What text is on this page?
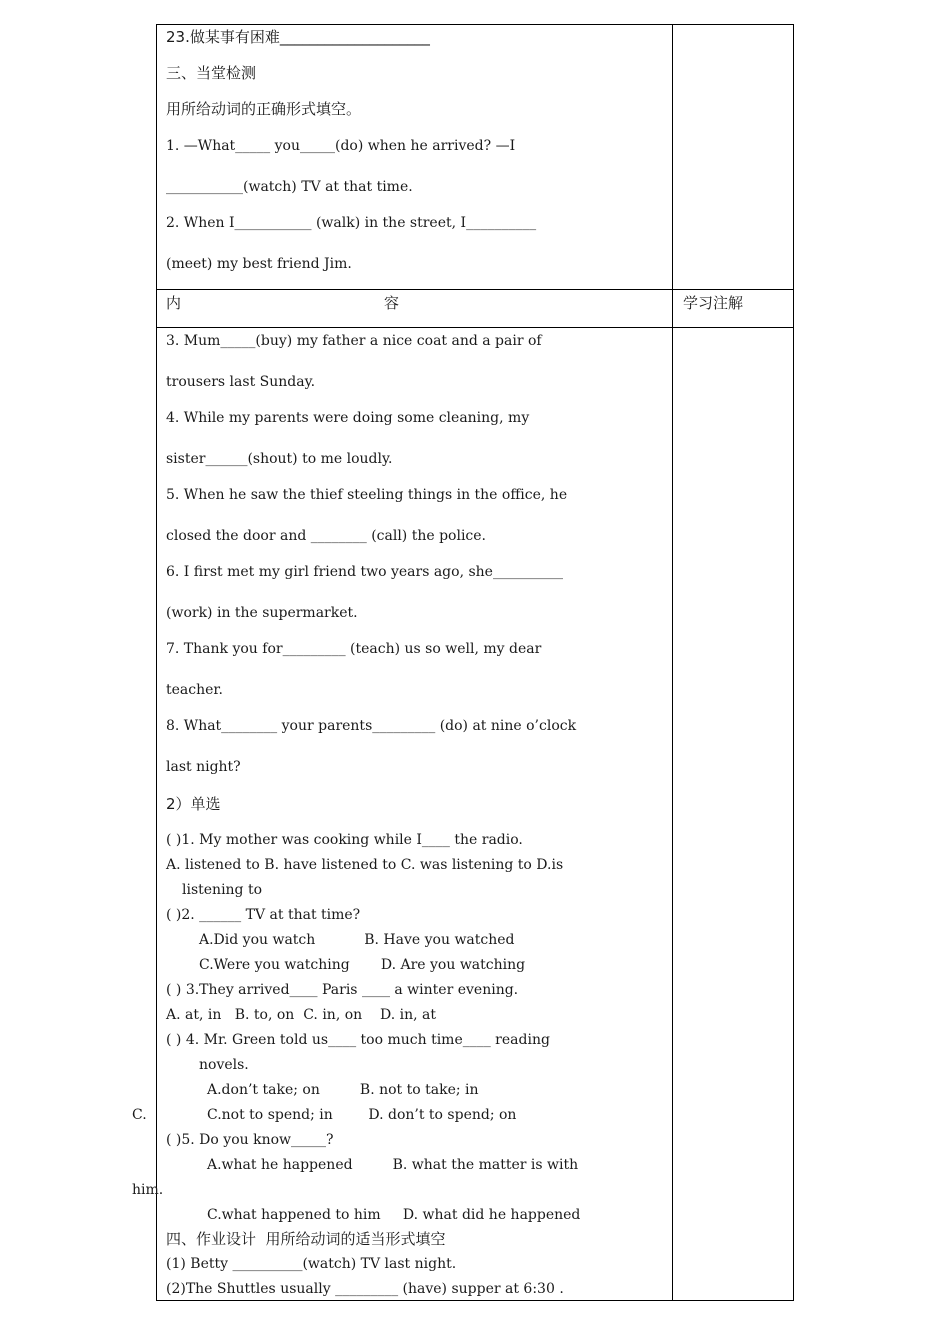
23.做某事有困难____________________
三、当堂检测
用所给动词的正确形式填空。
1. —What_____ you_____(do) when he arrived? —I
___________(watch) TV at that time.
2. When I___________ (walk) in the street, I__________
(meet) my best friend Jim.
内	容	学习注解
3. Mum_____(buy) my father a nice coat and a pair of
trousers last Sunday.
4. While my parents were doing some cleaning, my
sister______(shout) to me loudly.
5. When he saw the thief steeling things in the office, he
closed the door and ________ (call) the police.
6. I first met my girl friend two years ago, she__________
(work) in the supermarket.
7. Thank you for_________ (teach) us so well, my dear
teacher.
8. What________ your parents_________ (do) at nine o’clock
last night?
2）单选
( )1. My mother was cooking while I____ the radio.
A. listened to B. have listened to C. was listening to D.is
listening to
( )2. ______ TV at that time?
A.Did you watch           B. Have you watched
C.Were you watching       D. Are you watching
( ) 3.They arrived____ Paris ____ a winter evening.
A. at, in   B. to, on  C. in, on    D. in, at
( ) 4. Mr. Green told us____ too much time____ reading
novels.
A.don’t take; on         B. not to take; in
C.not to spend; in        D. don’t to spend; on
( )5. Do you know_____?
A.what he happened         B. what the matter is with
C.what happened to him     D. what did he happened
C.
him.
四、作业设计  用所给动词的适当形式填空
(1) Betty __________(watch) TV last night.
(2)The Shuttles usually _________ (have) supper at 6:30 .
